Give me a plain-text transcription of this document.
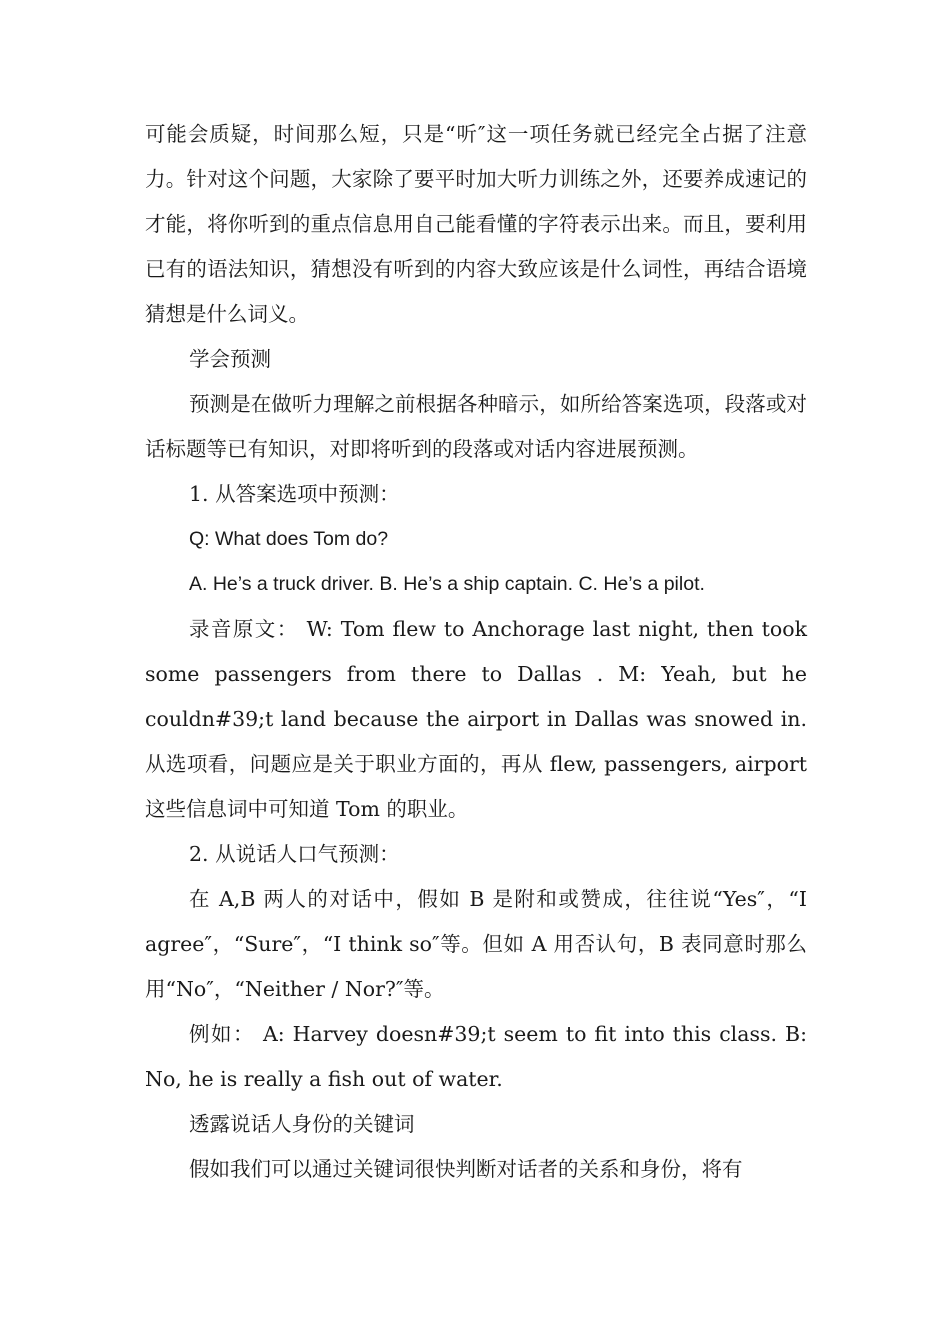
可能会质疑，时间那么短，只是“听″这一项任务就已经完全占据了注意力。针对这个问题，大家除了要平时加大听力训练之外，还要养成速记的才能，将你听到的重点信息用自己能看懂的字符表示出来。而且，要利用已有的语法知识，猜想没有听到的内容大致应该是什么词性，再结合语境猜想是什么词义。

学会预测

预测是在做听力理解之前根据各种暗示，如所给答案选项，段落或对话标题等已有知识，对即将听到的段落或对话内容进展预测。

1. 从答案选项中预测：

Q: What does Tom do?

A. He’s a truck driver. B. He’s a ship captain. C. He’s a pilot.

录音原文： W: Tom flew to Anchorage last night, then took some passengers from there to Dallas . M: Yeah, but he couldn#39;t land because the airport in Dallas was snowed in. 从选项看，问题应是关于职业方面的，再从 flew, passengers, airport 这些信息词中可知道 Tom 的职业。

2. 从说话人口气预测：

在 A,B 两人的对话中，假如 B 是附和或赞成，往往说“Yes″，“I agree″，“Sure″，“I think so″等。但如 A 用否认句，B 表同意时那么用“No″，“Neither / Nor?″等。

例如： A: Harvey doesn#39;t seem to fit into this class. B: No, he is really a fish out of water.

透露说话人身份的关键词

假如我们可以通过关键词很快判断对话者的关系和身份，将有
